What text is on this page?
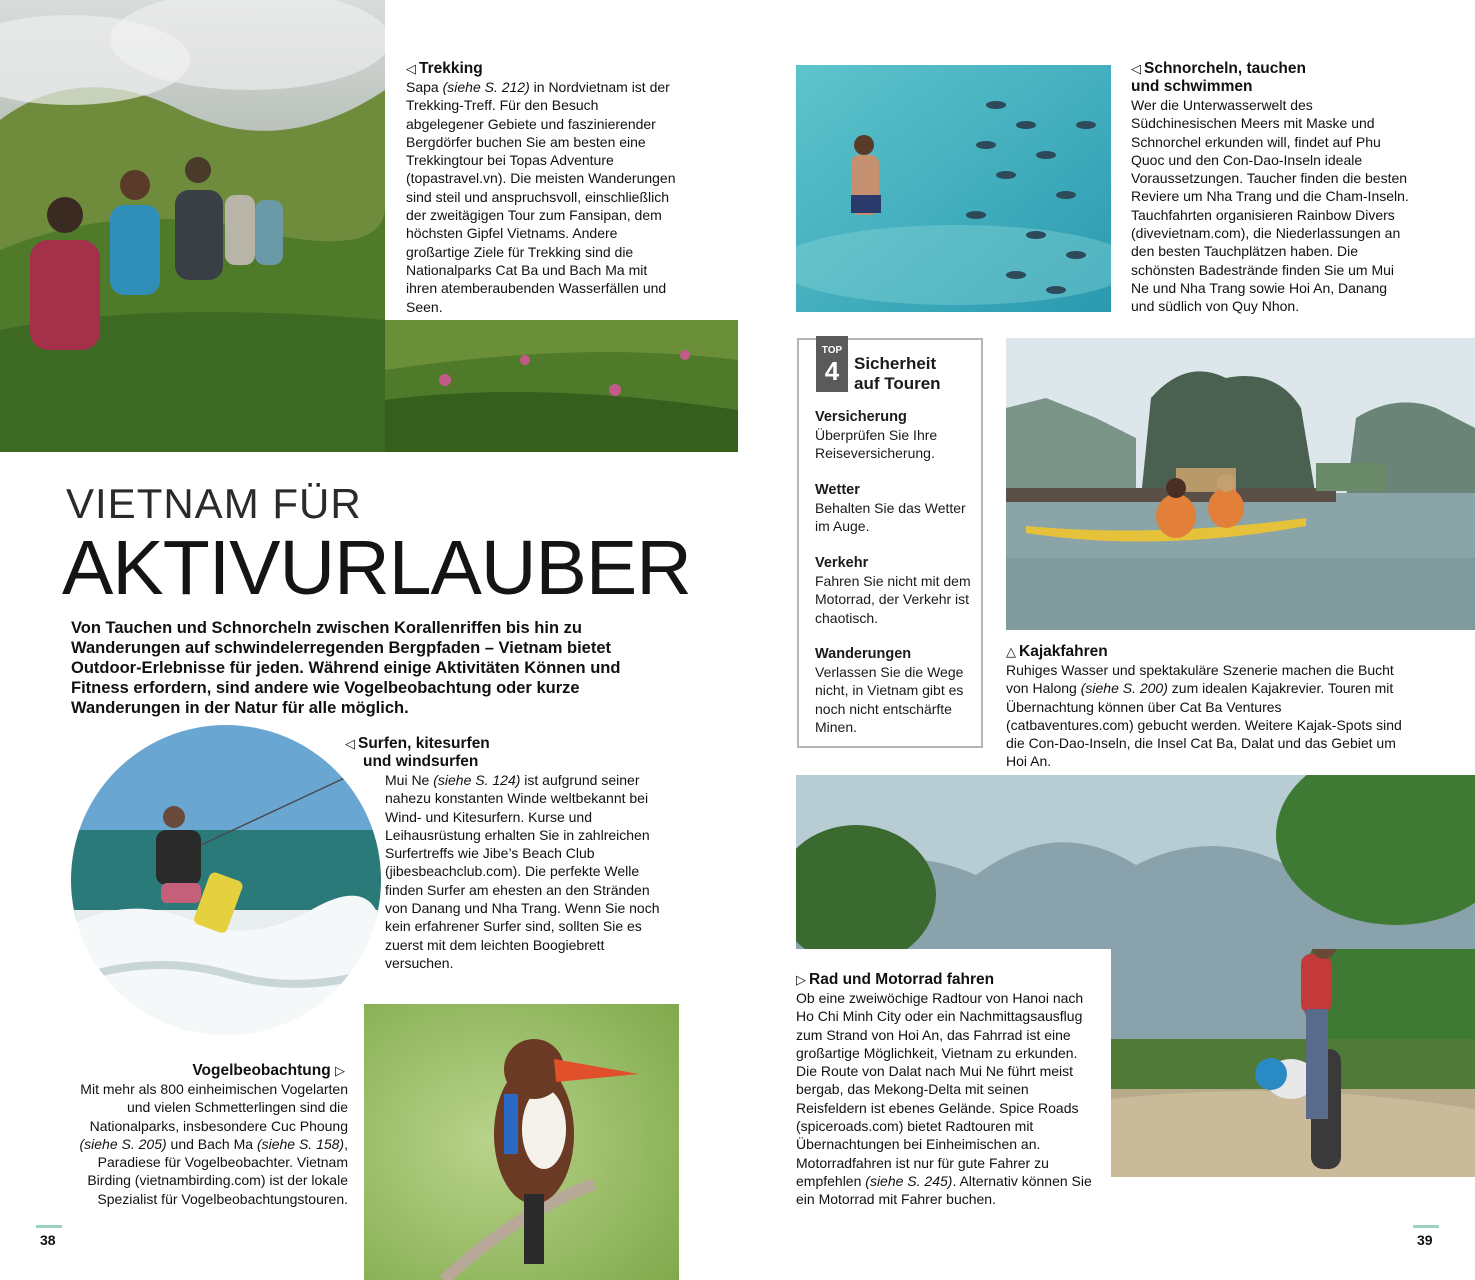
◁ Trekking
Sapa (siehe S. 212) in Nordvietnam ist der Trekking-Treff. Für den Besuch abgelegener Gebiete und faszinierender Bergdörfer buchen Sie am besten eine Trekkingtour bei Topas Adventure (topastravel.vn). Die meisten Wanderungen sind steil und anspruchsvoll, einschließlich der zweitägigen Tour zum Fansipan, dem höchsten Gipfel Vietnams. Andere großartige Ziele für Trekking sind die Nationalparks Cat Ba und Bach Ma mit ihren atemberaubenden Wasserfällen und Seen.
VIETNAM FÜR
AKTIVURLAUBER
Von Tauchen und Schnorcheln zwischen Korallenriffen bis hin zu Wanderungen auf schwindelerregenden Bergpfaden – Vietnam bietet Outdoor-Erlebnisse für jeden. Während einige Aktivitäten Können und Fitness erfordern, sind andere wie Vogelbeobachtung oder kurze Wanderungen in der Natur für alle möglich.
◁ Surfen, kitesurfen
und windsurfen
Mui Ne (siehe S. 124) ist aufgrund seiner nahezu konstanten Winde weltbekannt bei Wind- und Kitesurfern. Kurse und Leihausrüstung erhalten Sie in zahlreichen Surfertreffs wie Jibe’s Beach Club (jibesbeachclub.com). Die perfekte Welle finden Surfer am ehesten an den Stränden von Danang und Nha Trang. Wenn Sie noch kein erfahrener Surfer sind, sollten Sie es zuerst mit dem leichten Boogiebrett versuchen.
Vogelbeobachtung ▷
Mit mehr als 800 einheimischen Vogelarten und vielen Schmetterlingen sind die Nationalparks, insbesondere Cuc Phoung (siehe S. 205) und Bach Ma (siehe S. 158), Paradiese für Vogelbeobachter. Vietnam Birding (vietnambirding.com) ist der lokale Spezialist für Vogelbeobachtungstouren.
38
◁ Schnorcheln, tauchen
und schwimmen
Wer die Unterwasserwelt des Südchinesischen Meers mit Maske und Schnorchel erkunden will, findet auf Phu Quoc und den Con-Dao-Inseln ideale Voraussetzungen. Taucher finden die besten Reviere um Nha Trang und die Cham-Inseln. Tauchfahrten organisieren Rainbow Divers (divevietnam.com), die Niederlassungen an den besten Tauchplätzen haben. Die schönsten Badestrände finden Sie um Mui Ne und Nha Trang sowie Hoi An, Danang und südlich von Quy Nhon.
TOP
4 Sicherheit
auf Touren
Versicherung

Überprüfen Sie Ihre Reiseversicherung.

Wetter

Behalten Sie das Wetter im Auge.

Verkehr

Fahren Sie nicht mit dem Motorrad, der Verkehr ist chaotisch.

Wanderungen

Verlassen Sie die Wege nicht, in Vietnam gibt es noch nicht entschärfte Minen.

△ Kajakfahren
Ruhiges Wasser und spektakuläre Szenerie machen die Bucht von Halong (siehe S. 200) zum idealen Kajakrevier. Touren mit Übernachtung können über Cat Ba Ventures (catbaventures.com) gebucht werden. Weitere Kajak-Spots sind die Con-Dao-Inseln, die Insel Cat Ba, Dalat und das Gebiet um Hoi An.
▷ Rad und Motorrad fahren
Ob eine zweiwöchige Radtour von Hanoi nach Ho Chi Minh City oder ein Nachmittagsausflug zum Strand von Hoi An, das Fahrrad ist eine großartige Möglichkeit, Vietnam zu erkunden. Die Route von Dalat nach Mui Ne führt meist bergab, das Mekong-Delta mit seinen Reisfeldern ist ebenes Gelände. Spice Roads (spiceroads.com) bietet Radtouren mit Übernachtungen bei Einheimischen an. Motorradfahren ist nur für gute Fahrer zu empfehlen (siehe S. 245). Alternativ können Sie ein Motorrad mit Fahrer buchen.
39
